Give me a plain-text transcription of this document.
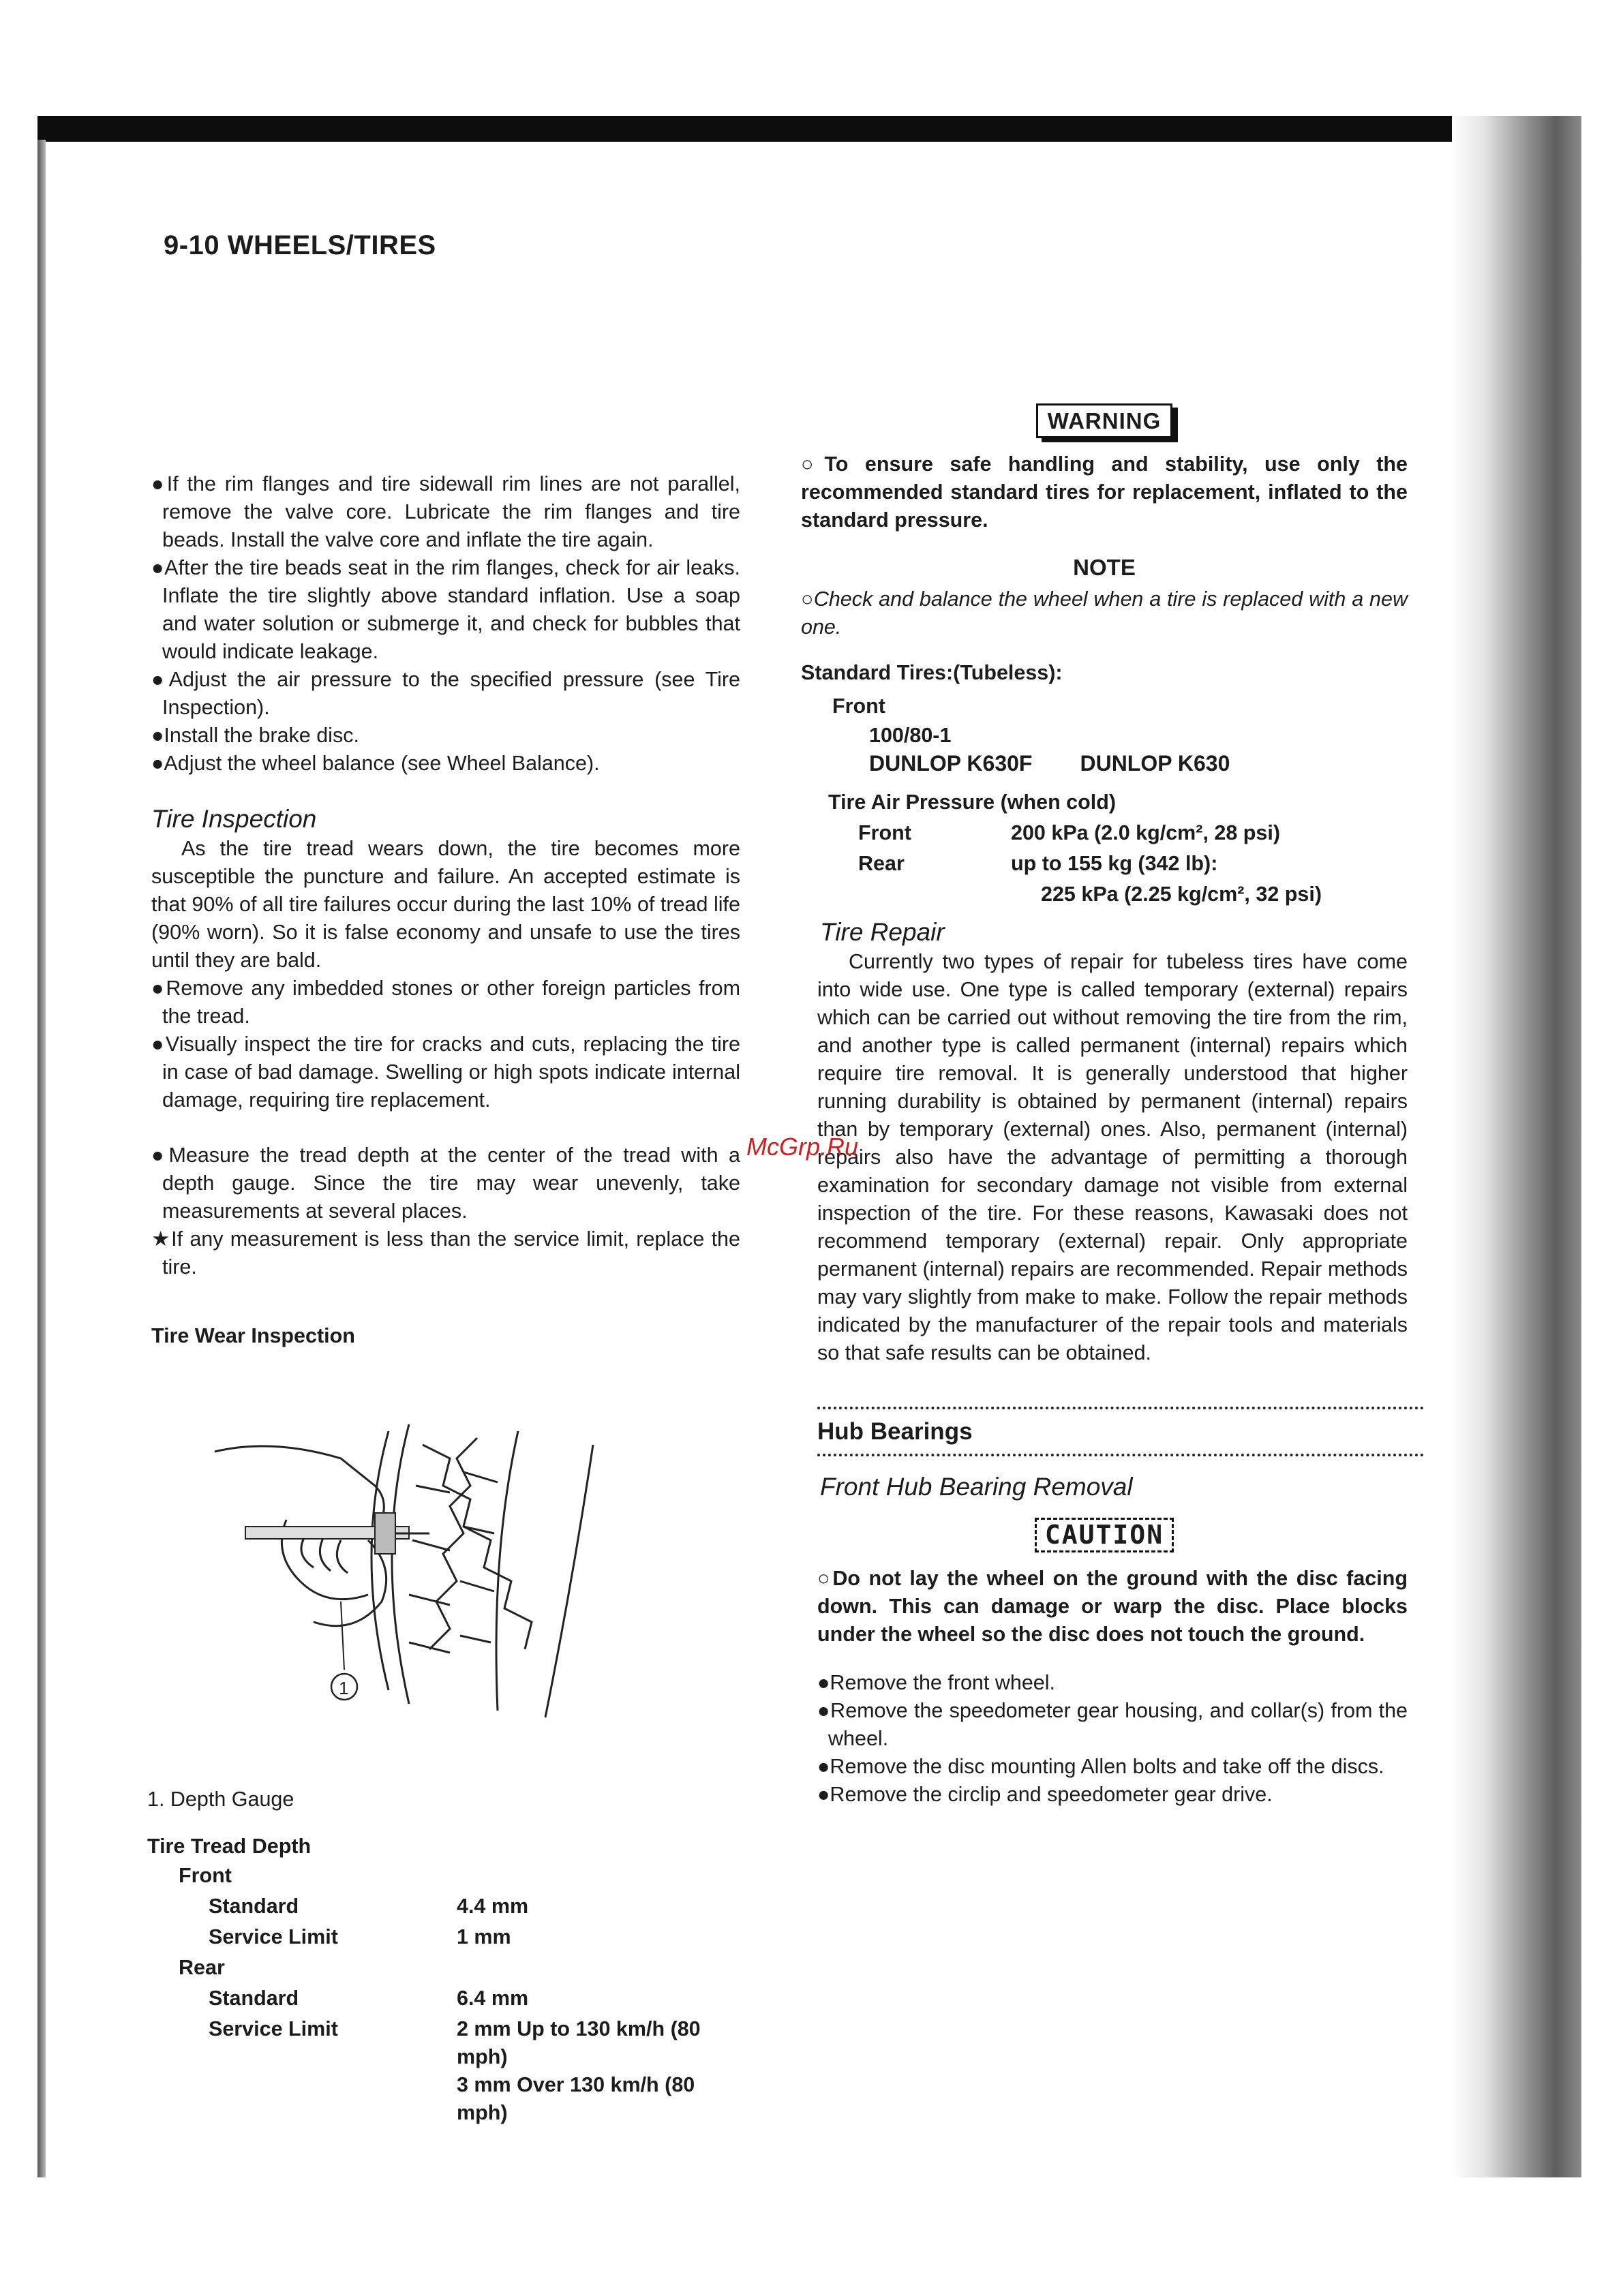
9-10 WHEELS/TIRES

●If the rim flanges and tire sidewall rim lines are not parallel, remove the valve core. Lubricate the rim flanges and tire beads. Install the valve core and inflate the tire again.

●After the tire beads seat in the rim flanges, check for air leaks. Inflate the tire slightly above standard inflation. Use a soap and water solution or submerge it, and check for bubbles that would indicate leakage.

●Adjust the air pressure to the specified pressure (see Tire Inspection).

●Install the brake disc.

●Adjust the wheel balance (see Wheel Balance).

Tire Inspection

As the tire tread wears down, the tire becomes more susceptible the puncture and failure. An accepted estimate is that 90% of all tire failures occur during the last 10% of tread life (90% worn). So it is false economy and unsafe to use the tires until they are bald.

●Remove any imbedded stones or other foreign particles from the tread.

●Visually inspect the tire for cracks and cuts, replacing the tire in case of bad damage. Swelling or high spots indicate internal damage, requiring tire replacement.

●Measure the tread depth at the center of the tread with a depth gauge. Since the tire may wear unevenly, take measurements at several places.

★If any measurement is less than the service limit, replace the tire.

Tire Wear Inspection

1

1. Depth Gauge

Tire Tread Depth

Front	
Standard	4.4 mm
Service Limit	1 mm
Rear	
Standard	6.4 mm
Service Limit	2 mm Up to 130 km/h (80 mph)
	3 mm Over 130 km/h (80 mph)
WARNING

○To ensure safe handling and stability, use only the recommended standard tires for replacement, inflated to the standard pressure.

NOTE

○Check and balance the wheel when a tire is replaced with a new one.

Standard Tires:(Tubeless):

Front

100/80-1

DUNLOP K630F DUNLOP K630

Tire Air Pressure (when cold)

Front	200 kPa (2.0 kg/cm², 28 psi)
Rear	up to 155 kg (342 lb):
	225 kPa (2.25 kg/cm², 32 psi)

Tire Repair

Currently two types of repair for tubeless tires have come into wide use. One type is called temporary (external) repairs which can be carried out without removing the tire from the rim, and another type is called permanent (internal) repairs which require tire removal. It is generally understood that higher running durability is obtained by permanent (internal) repairs than by temporary (external) ones. Also, permanent (internal) repairs also have the advantage of permitting a thorough examination for secondary damage not visible from external inspection of the tire. For these reasons, Kawasaki does not recommend temporary (external) repair. Only appropriate permanent (internal) repairs are recommended. Repair methods may vary slightly from make to make. Follow the repair methods indicated by the manufacturer of the repair tools and materials so that safe results can be obtained.

Hub Bearings

Front Hub Bearing Removal

CAUTION

○Do not lay the wheel on the ground with the disc facing down. This can damage or warp the disc. Place blocks under the wheel so the disc does not touch the ground.

●Remove the front wheel.

●Remove the speedometer gear housing, and collar(s) from the wheel.

●Remove the disc mounting Allen bolts and take off the discs.

●Remove the circlip and speedometer gear drive.

McGrp.Ru
